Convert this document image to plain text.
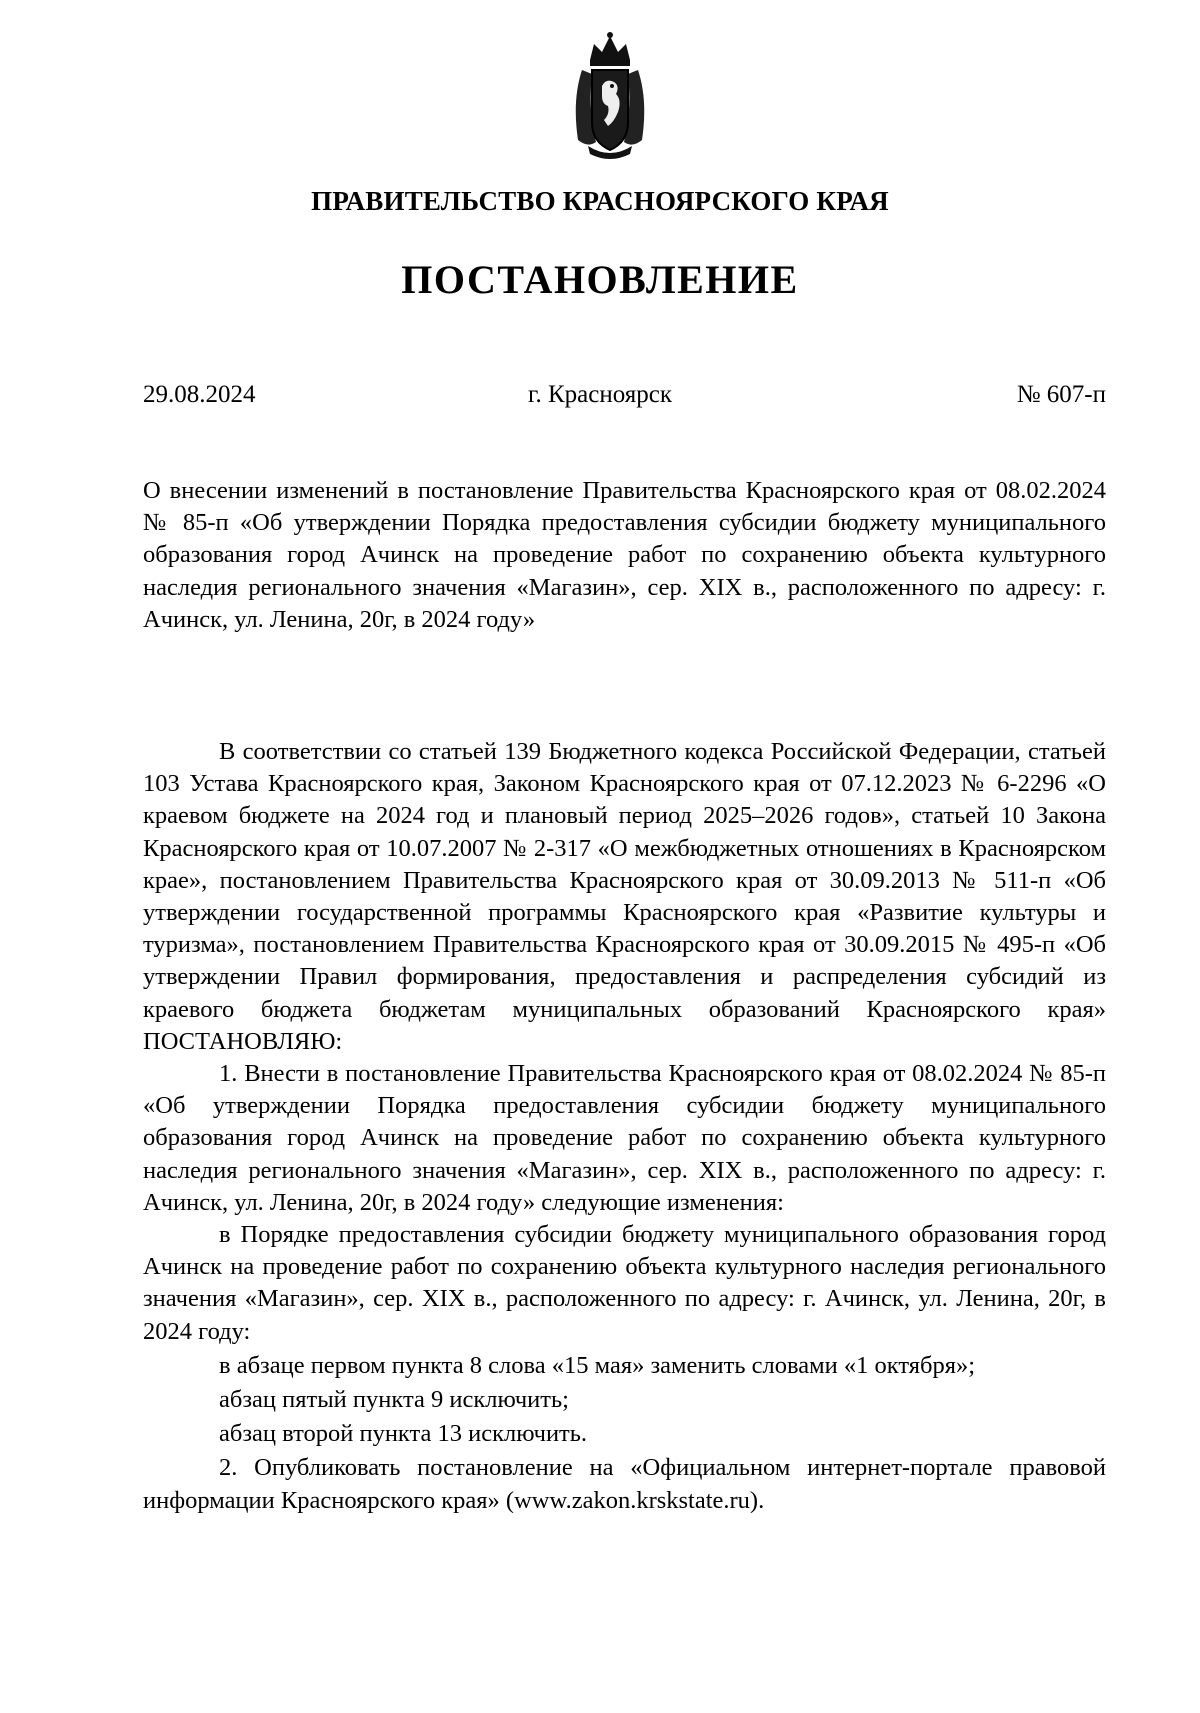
ПРАВИТЕЛЬСТВО КРАСНОЯРСКОГО КРАЯ
ПОСТАНОВЛЕНИЕ
29.08.2024	г. Красноярск	№ 607-п
О внесении изменений в постановление Правительства Красноярского края от 08.02.2024 № 85-п «Об утверждении Порядка предоставления субсидии бюджету муниципального образования город Ачинск на проведение работ по сохранению объекта культурного наследия регионального значения «Магазин», сер. XIX в., расположенного по адресу: г. Ачинск, ул. Ленина, 20г, в 2024 году»

В соответствии со статьей 139 Бюджетного кодекса Российской Федерации, статьей 103 Устава Красноярского края, Законом Красноярского края от 07.12.2023 № 6-2296 «О краевом бюджете на 2024 год и плановый период 2025–2026 годов», статьей 10 Закона Красноярского края от 10.07.2007 № 2-317 «О межбюджетных отношениях в Красноярском крае», постановлением Правительства Красноярского края от 30.09.2013 № 511-п «Об утверждении государственной программы Красноярского края «Развитие культуры и туризма», постановлением Правительства Красноярского края от 30.09.2015 № 495-п «Об утверждении Правил формирования, предоставления и распределения субсидий из краевого бюджета бюджетам муниципальных образований Красноярского края» ПОСТАНОВЛЯЮ:

1. Внести в постановление Правительства Красноярского края от 08.02.2024 № 85-п «Об утверждении Порядка предоставления субсидии бюджету муниципального образования город Ачинск на проведение работ по сохранению объекта культурного наследия регионального значения «Магазин», сер. XIX в., расположенного по адресу: г. Ачинск, ул. Ленина, 20г, в 2024 году» следующие изменения:

в Порядке предоставления субсидии бюджету муниципального образования город Ачинск на проведение работ по сохранению объекта культурного наследия регионального значения «Магазин», сер. XIX в., расположенного по адресу: г. Ачинск, ул. Ленина, 20г, в 2024 году:

в абзаце первом пункта 8 слова «15 мая» заменить словами «1 октября»;

абзац пятый пункта 9 исключить;

абзац второй пункта 13 исключить.

2. Опубликовать постановление на «Официальном интернет-портале правовой информации Красноярского края» (www.zakon.krskstate.ru).
